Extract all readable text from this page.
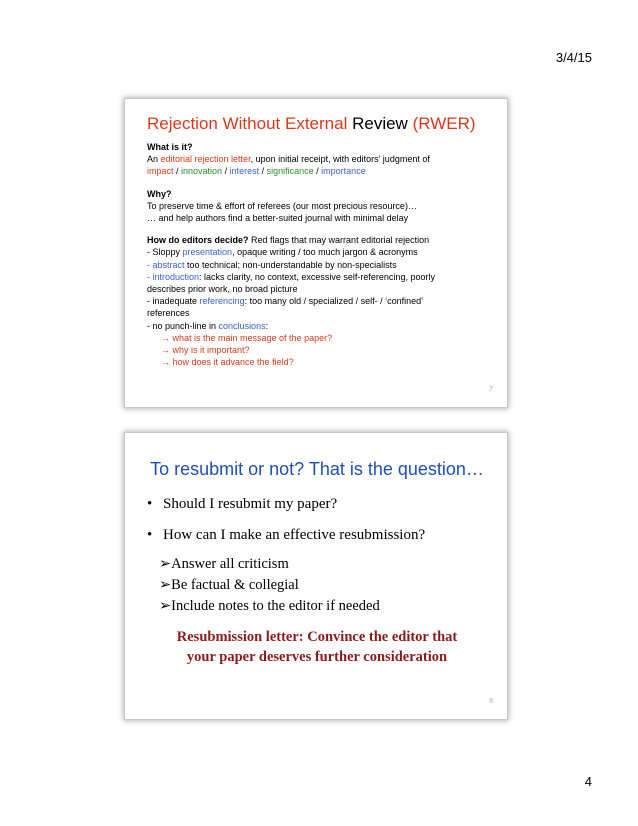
3/4/15
Rejection Without External Review (RWER)

What is it?

An editorial rejection letter, upon initial receipt, with editors’ judgment of

impact / innovation / interest / significance / importance

Why?

To preserve time & effort of referees (our most precious resource)…

… and help authors find a better-suited journal with minimal delay

How do editors decide? Red flags that may warrant editorial rejection

- Sloppy presentation, opaque writing / too much jargon & acronyms

- abstract too technical; non-understandable by non-specialists

- introduction: lacks clarity, no context, excessive self-referencing, poorly

describes prior work, no broad picture

- inadequate referencing: too many old / specialized / self- / ‘confined’

references

- no punch-line in conclusions:

→ what is the main message of the paper?

→ why is it important?

→ how does it advance the field?

7
To resubmit or not? That is the question…
• Should I resubmit my paper?
• How can I make an effective resubmission?
➢Answer all criticism
➢Be factual & collegial
➢Include notes to the editor if needed
Resubmission letter: Convince the editor that
your paper deserves further consideration
8
4
